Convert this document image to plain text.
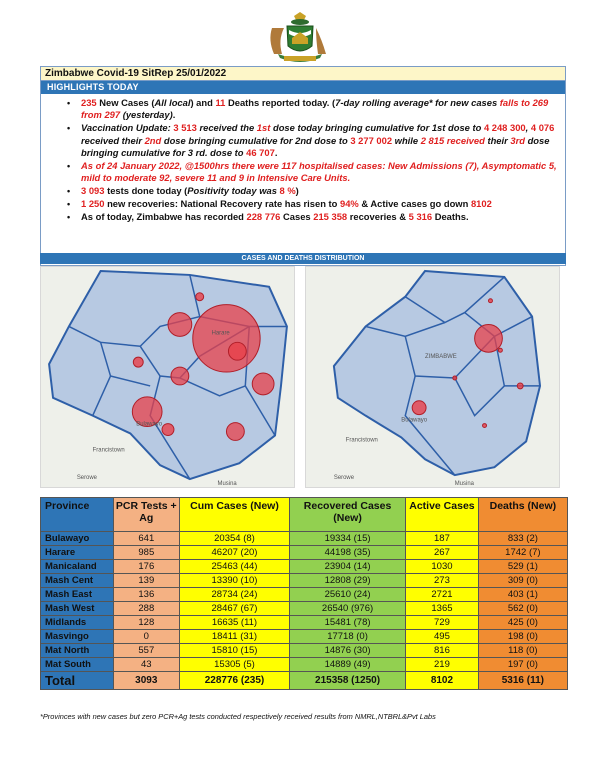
Zimbabwe Covid-19 SitRep 25/01/2022
HIGHLIGHTS TODAY
• 235 New Cases (All local) and 11 Deaths reported today. (7-day rolling average* for new cases falls to 269 from 297 (yesterday).
• Vaccination Update: 3 513 received the 1st dose today bringing cumulative for 1st dose to 4 248 300, 4 076 received their 2nd dose bringing cumulative for 2nd dose to 3 277 002 while 2 815 received their 3rd dose bringing cumulative for 3 rd. dose to 46 707.
• As of 24 January 2022, @1500hrs there were 117 hospitalised cases: New Admissions (7), Asymptomatic 5, mild to moderate 92, severe 11 and 9 in Intensive Care Units.
• 3 093 tests done today (Positivity today was 8 %)
• 1 250 new recoveries: National Recovery rate has risen to 94% & Active cases go down 8102
• As of today, Zimbabwe has recorded 228 776 Cases 215 358 recoveries & 5 316 Deaths.
CASES AND DEATHS DISTRIBUTION
Harare
Bulawayo
Francistown
Serowe
Musina
ZIMBABWE
Bulawayo
Francistown
Serowe
Musina
Province	PCR Tests + Ag	Cum Cases (New)	Recovered Cases (New)	Active Cases	Deaths (New)
Bulawayo	641	20354 (8)	19334 (15)	187	833 (2)
Harare	985	46207 (20)	44198 (35)	267	1742 (7)
Manicaland	176	25463 (44)	23904 (14)	1030	529 (1)
Mash Cent	139	13390 (10)	12808 (29)	273	309 (0)
Mash East	136	28734 (24)	25610 (24)	2721	403 (1)
Mash West	288	28467 (67)	26540 (976)	1365	562 (0)
Midlands	128	16635 (11)	15481 (78)	729	425 (0)
Masvingo	0	18411 (31)	17718 (0)	495	198 (0)
Mat North	557	15810 (15)	14876 (30)	816	118 (0)
Mat South	43	15305 (5)	14889 (49)	219	197 (0)
Total	3093	228776 (235)	215358 (1250)	8102	5316 (11)
*Provinces with new cases but zero PCR+Ag tests conducted respectively received results from NMRL,NTBRL&Pvt Labs
